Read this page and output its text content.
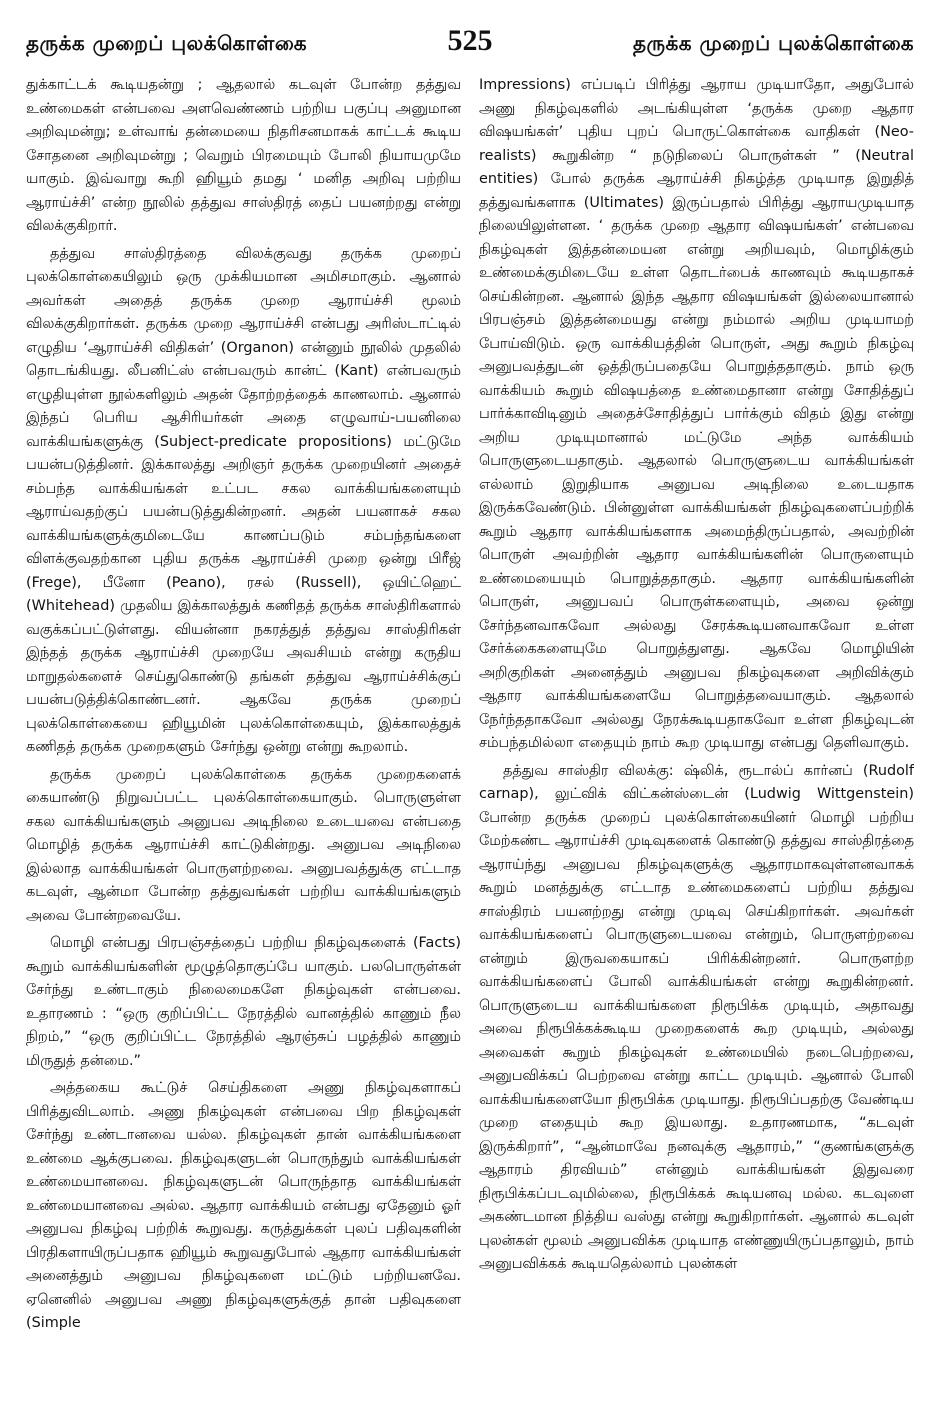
தருக்க முறைப் புலக்கொள்கை	525	தருக்க முறைப் புலக்கொள்கை

துக்காட்டக் கூடியதன்று ; ஆதலால் கடவுள் போன்ற தத்துவ உண்மைகள் என்பவை அளவெண்ணம் பற்றிய பகுப்பு அனுமான அறிவுமன்று; உள்வாங் தன்மையை நிதரிசனமாகக் காட்டக் கூடிய சோதனை அறிவுமன்று ; வெறும் பிரமையும் போலி நியாயமுமே யாகும். இவ்வாறு கூறி ஹியூம் தமது ‘ மனித அறிவு பற்றிய ஆராய்ச்சி’ என்ற நூலில் தத்துவ சாஸ்திரத் தைப் பயனற்றது என்று விலக்குகிறார்.

தத்துவ சாஸ்திரத்தை விலக்குவது தருக்க முறைப் புலக்கொள்கையிலும் ஒரு முக்கியமான அமிசமாகும். ஆனால் அவர்கள் அதைத் தருக்க முறை ஆராய்ச்சி மூலம் விலக்குகிறார்கள். தருக்க முறை ஆராய்ச்சி என்பது அரிஸ்டாட்டில் எழுதிய ‘ஆராய்ச்சி விதிகள்’ (Organon) என்னும் நூலில் முதலில் தொடங்கியது. லீபனிட்ஸ் என்பவரும் கான்ட் (Kant) என்பவரும் எழுதியுள்ள நூல்களிலும் அதன் தோற்றத்தைக் காணலாம். ஆனால் இந்தப் பெரிய ஆசிரியர்கள் அதை எழுவாய்-பயனிலை வாக்கியங்களுக்கு (Subject-predicate propositions) மட்டுமே பயன்படுத்தினர். இக்காலத்து அறிஞர் தருக்க முறையினர் அதைச் சம்பந்த வாக்கியங்கள் உட்பட சகல வாக்கியங்களையும் ஆராய்வதற்குப் பயன்படுத்துகின்றனர். அதன் பயனாகச் சகல வாக்கியங்களுக்குமிடையே காணப்படும் சம்பந்தங்களை விளக்குவதற்கான புதிய தருக்க ஆராய்ச்சி முறை ஒன்று பிரீஜ் (Frege), பீனோ (Peano), ரசல் (Russell), ஒயிட்ஹெட் (Whitehead) முதலிய இக்காலத்துக் கணிதத் தருக்க சாஸ்திரிகளால் வகுக்கப்பட்டுள்ளது. வியன்னா நகரத்துத் தத்துவ சாஸ்திரிகள் இந்தத் தருக்க ஆராய்ச்சி முறையே அவசியம் என்று கருதிய மாறுதல்களைச் செய்துகொண்டு தங்கள் தத்துவ ஆராய்ச்சிக்குப் பயன்படுத்திக்கொண்டனர். ஆகவே தருக்க முறைப் புலக்கொள்கையை ஹியூமின் புலக்கொள்கையும், இக்காலத்துக் கணிதத் தருக்க முறைகளும் சேர்ந்து ஒன்று என்று கூறலாம்.

தருக்க முறைப் புலக்கொள்கை தருக்க முறைகளைக் கையாண்டு நிறுவப்பட்ட புலக்கொள்கையாகும். பொருளுள்ள சகல வாக்கியங்களும் அனுபவ அடிநிலை உடையவை என்பதை மொழித் தருக்க ஆராய்ச்சி காட்டுகின்றது. அனுபவ அடிநிலை இல்லாத வாக்கியங்கள் பொருளற்றவை. அனுபவத்துக்கு எட்டாத கடவுள், ஆன்மா போன்ற தத்துவங்கள் பற்றிய வாக்கியங்களும் அவை போன்றவையே.

மொழி என்பது பிரபஞ்சத்தைப் பற்றிய நிகழ்வுகளைக் (Facts) கூறும் வாக்கியங்களின் மூழுத்தொகுப்பே யாகும். பலபொருள்கள் சேர்ந்து உண்டாகும் நிலைமைகளே நிகழ்வுகள் என்பவை. உதாரணம் : “ஒரு குறிப்பிட்ட நேரத்தில் வானத்தில் காணும் நீல நிறம்,” “ஒரு குறிப்பிட்ட நேரத்தில் ஆரஞ்சுப் பழத்தில் காணும் மிருதுத் தன்மை.”

அத்தகைய கூட்டுச் செய்திகளை அணு நிகழ்வுகளாகப் பிரித்துவிடலாம். அணு நிகழ்வுகள் என்பவை பிற நிகழ்வுகள் சேர்ந்து உண்டானவை யல்ல. நிகழ்வுகள் தான் வாக்கியங்களை உண்மை ஆக்குபவை. நிகழ்வுகளுடன் பொருந்தும் வாக்கியங்கள் உண்மையானவை. நிகழ்வுகளுடன் பொருந்தாத வாக்கியங்கள் உண்மையானவை அல்ல. ஆதார வாக்கியம் என்பது ஏதேனும் ஓர் அனுபவ நிகழ்வு பற்றிக் கூறுவது. கருத்துக்கள் புலப் பதிவுகளின் பிரதிகளாயிருப்பதாக ஹியூம் கூறுவதுபோல் ஆதார வாக்கியங்கள் அனைத்தும் அனுபவ நிகழ்வுகளை மட்டும் பற்றியனவே. ஏனெனில் அனுபவ அணு நிகழ்வுகளுக்குத் தான் பதிவுகளை (Simple

Impressions) எப்படிப் பிரித்து ஆராய முடியாதோ, அதுபோல் அணு நிகழ்வுகளில் அடங்கியுள்ள ‘தருக்க முறை ஆதார விஷயங்கள்’ புதிய புறப் பொருட்கொள்கை வாதிகள் (Neo-realists) கூறுகின்ற “ நடுநிலைப் பொருள்கள் ” (Neutral entities) போல் தருக்க ஆராய்ச்சி நிகழ்த்த முடியாத இறுதித் தத்துவங்களாக (Ultimates) இருப்பதால் பிரித்து ஆராயமுடியாத நிலையிலுள்ளன. ‘ தருக்க முறை ஆதார விஷயங்கள்’ என்பவை நிகழ்வுகள் இத்தன்மையன என்று அறியவும், மொழிக்கும் உண்மைக்குமிடையே உள்ள தொடர்பைக் காணவும் கூடியதாகச் செய்கின்றன. ஆனால் இந்த ஆதார விஷயங்கள் இல்லையானால் பிரபஞ்சம் இத்தன்மையது என்று நம்மால் அறிய முடியாமற் போய்விடும். ஒரு வாக்கியத்தின் பொருள், அது கூறும் நிகழ்வு அனுபவத்துடன் ஒத்திருப்பதையே பொறுத்ததாகும். நாம் ஒரு வாக்கியம் கூறும் விஷயத்தை உண்மைதானா என்று சோதித்துப் பார்க்காவிடினும் அதைச்சோதித்துப் பார்க்கும் விதம் இது என்று அறிய முடியுமானால் மட்டுமே அந்த வாக்கியம் பொருளுடையதாகும். ஆதலால் பொருளுடைய வாக்கியங்கள் எல்லாம் இறுதியாக அனுபவ அடிநிலை உடையதாக இருக்கவேண்டும். பின்னுள்ள வாக்கியங்கள் நிகழ்வுகளைப்பற்றிக் கூறும் ஆதார வாக்கியங்களாக அமைந்திருப்பதால், அவற்றின் பொருள் அவற்றின் ஆதார வாக்கியங்களின் பொருளையும் உண்மையையும் பொறுத்ததாகும். ஆதார வாக்கியங்களின் பொருள், அனுபவப் பொருள்களையும், அவை ஒன்று சேர்ந்தனவாகவோ அல்லது சேரக்கூடியனவாகவோ உள்ள சேர்க்கைகளையுமே பொறுத்துளது. ஆகவே மொழியின் அறிகுறிகள் அனைத்தும் அனுபவ நிகழ்வுகளை அறிவிக்கும் ஆதார வாக்கியங்களையே பொறுத்தவையாகும். ஆதலால் நேர்ந்ததாகவோ அல்லது நேரக்கூடியதாகவோ உள்ள நிகழ்வுடன் சம்பந்தமில்லா எதையும் நாம் கூற முடியாது என்பது தெளிவாகும்.

தத்துவ சாஸ்திர விலக்கு: ஷ்லிக், ரூடால்ப் கார்னப் (Rudolf carnap), லுட்விக் விட்கன்ஸ்டைன் (Ludwig Wittgenstein) போன்ற தருக்க முறைப் புலக்கொள்கையினர் மொழி பற்றிய மேற்கண்ட ஆராய்ச்சி முடிவுகளைக் கொண்டு தத்துவ சாஸ்திரத்தை ஆராய்ந்து அனுபவ நிகழ்வுகளுக்கு ஆதாரமாகவுள்ளனவாகக் கூறும் மனத்துக்கு எட்டாத உண்மைகளைப் பற்றிய தத்துவ சாஸ்திரம் பயனற்றது என்று முடிவு செய்கிறார்கள். அவர்கள் வாக்கியங்களைப் பொருளுடையவை என்றும், பொருளற்றவை என்றும் இருவகையாகப் பிரிக்கின்றனர். பொருளற்ற வாக்கியங்களைப் போலி வாக்கியங்கள் என்று கூறுகின்றனர். பொருளுடைய வாக்கியங்களை நிரூபிக்க முடியும், அதாவது அவை நிரூபிக்கக்கூடிய முறைகளைக் கூற முடியும், அல்லது அவைகள் கூறும் நிகழ்வுகள் உண்மையில் நடைபெற்றவை, அனுபவிக்கப் பெற்றவை என்று காட்ட முடியும். ஆனால் போலி வாக்கியங்களையோ நிரூபிக்க முடியாது. நிரூபிப்பதற்கு வேண்டிய முறை எதையும் கூற இயலாது. உதாரணமாக, “கடவுள் இருக்கிறார்”, “ஆன்மாவே நனவுக்கு ஆதாரம்,” “குணங்களுக்கு ஆதாரம் திரவியம்” என்னும் வாக்கியங்கள் இதுவரை நிரூபிக்கப்படவுமில்லை, நிரூபிக்கக் கூடியனவு மல்ல. கடவுளை அகண்டமான நித்திய வஸ்து என்று கூறுகிறார்கள். ஆனால் கடவுள் புலன்கள் மூலம் அனுபவிக்க முடியாத எண்ணுயிருப்பதாலும், நாம் அனுபவிக்கக் கூடியதெல்லாம் புலன்கள்
